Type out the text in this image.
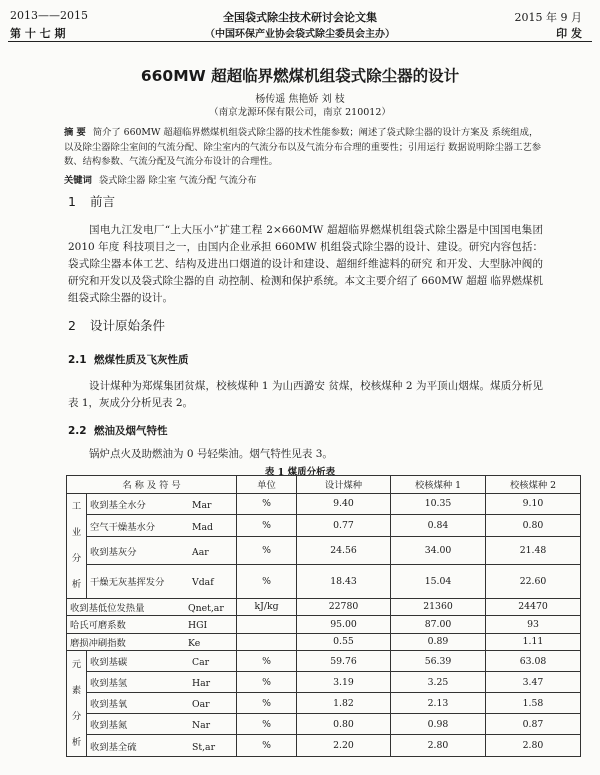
2013——2015	全国袋式除尘技术研讨会论文集	2015 年 9 月
第 十 七 期	（中国环保产业协会袋式除尘委员会主办）	印 发
660MW 超超临界燃煤机组袋式除尘器的设计
杨传遥 焦艳娇 刘 枝
（南京龙源环保有限公司，南京 210012）
摘 要 简介了 660MW 超超临界燃煤机组袋式除尘器的技术性能参数；阐述了袋式除尘器的设计方案及 系统组成，以及除尘器除尘室间的气流分配、除尘室内的气流分布以及气流分布合理的重要性；引用运行 数据说明除尘器工艺参数、结构参数、气流分配及气流分布设计的合理性。
关键词 袋式除尘器 除尘室 气流分配 气流分布
1 前言
国电九江发电厂“上大压小”扩建工程 2×660MW 超超临界燃煤机组袋式除尘器是中国国电集团 2010 年度 科技项目之一，由国内企业承担 660MW 机组袋式除尘器的设计、建设。研究内容包括：袋式除尘器本体工艺、结构及进出口烟道的设计和建设、超细纤维滤料的研究 和开发、大型脉冲阀的研究和开发以及袋式除尘器的自 动控制、检测和保护系统。本文主要介绍了 660MW 超超 临界燃煤机组袋式除尘器的设计。
2 设计原始条件
2.1 燃煤性质及飞灰性质
设计煤种为郑煤集团贫煤，校核煤种 1 为山西潞安 贫煤，校核煤种 2 为平顶山烟煤。煤质分析见表 1，灰成分分析见表 2。
2.2 燃油及烟气特性
锅炉点火及助燃油为 0 号轻柴油。烟气特性见表 3。
表 1 煤质分析表
名 称 及 符 号		单位	设计煤种	校核煤种 1	校核煤种 2
工 业 分 析	收到基全水分 Mar	%	9.40	10.35	9.10
	空气干燥基水分 Mad	%	0.77	0.84	0.80
	收到基灰分 Aar	%	24.56	34.00	21.48
	干燥无灰基挥发分 Vdaf	%	18.43	15.04	22.60
收到基低位发热量 Qnet,ar		kJ/kg	22780	21360	24470
哈氏可磨系数 HGI			95.00	87.00	93
磨损冲刷指数 Ke			0.55	0.89	1.11
元 素 分 析	收到基碳 Car	%	59.76	56.39	63.08
	收到基氢 Har	%	3.19	3.25	3.47
	收到基氧 Oar	%	1.82	2.13	1.58
	收到基氮 Nar	%	0.80	0.98	0.87
	收到基全硫 St,ar	%	2.20	2.80	2.80
